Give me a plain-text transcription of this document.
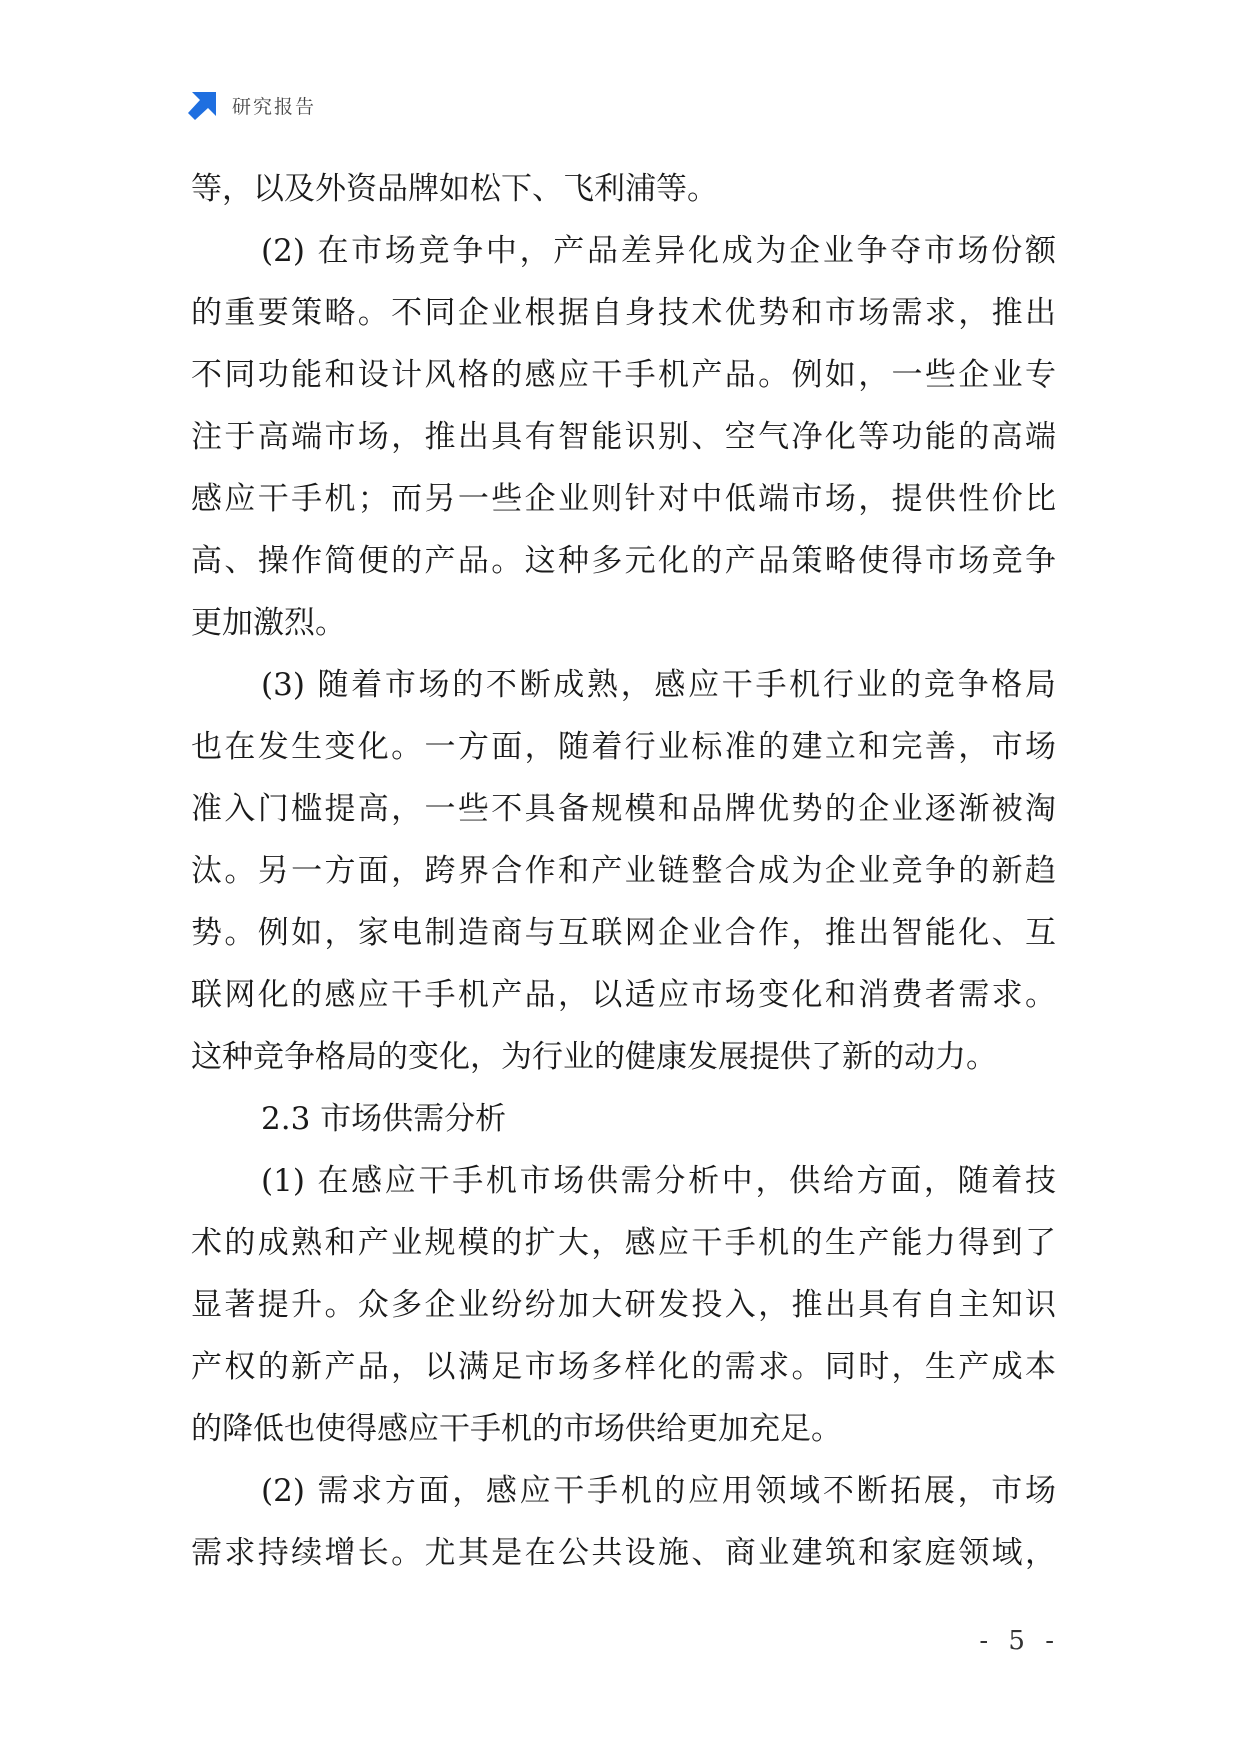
研究报告
等，以及外资品牌如松下、飞利浦等。
(2) 在市场竞争中，产品差异化成为企业争夺市场份额
的重要策略。不同企业根据自身技术优势和市场需求，推出
不同功能和设计风格的感应干手机产品。例如，一些企业专
注于高端市场，推出具有智能识别、空气净化等功能的高端
感应干手机；而另一些企业则针对中低端市场，提供性价比
高、操作简便的产品。这种多元化的产品策略使得市场竞争
更加激烈。
(3) 随着市场的不断成熟，感应干手机行业的竞争格局
也在发生变化。一方面，随着行业标准的建立和完善，市场
准入门槛提高，一些不具备规模和品牌优势的企业逐渐被淘
汰。另一方面，跨界合作和产业链整合成为企业竞争的新趋
势。例如，家电制造商与互联网企业合作，推出智能化、互
联网化的感应干手机产品，以适应市场变化和消费者需求。
这种竞争格局的变化，为行业的健康发展提供了新的动力。
2.3 市场供需分析
(1) 在感应干手机市场供需分析中，供给方面，随着技
术的成熟和产业规模的扩大，感应干手机的生产能力得到了
显著提升。众多企业纷纷加大研发投入，推出具有自主知识
产权的新产品，以满足市场多样化的需求。同时，生产成本
的降低也使得感应干手机的市场供给更加充足。
(2) 需求方面，感应干手机的应用领域不断拓展，市场
需求持续增长。尤其是在公共设施、商业建筑和家庭领域，
- 5 -
